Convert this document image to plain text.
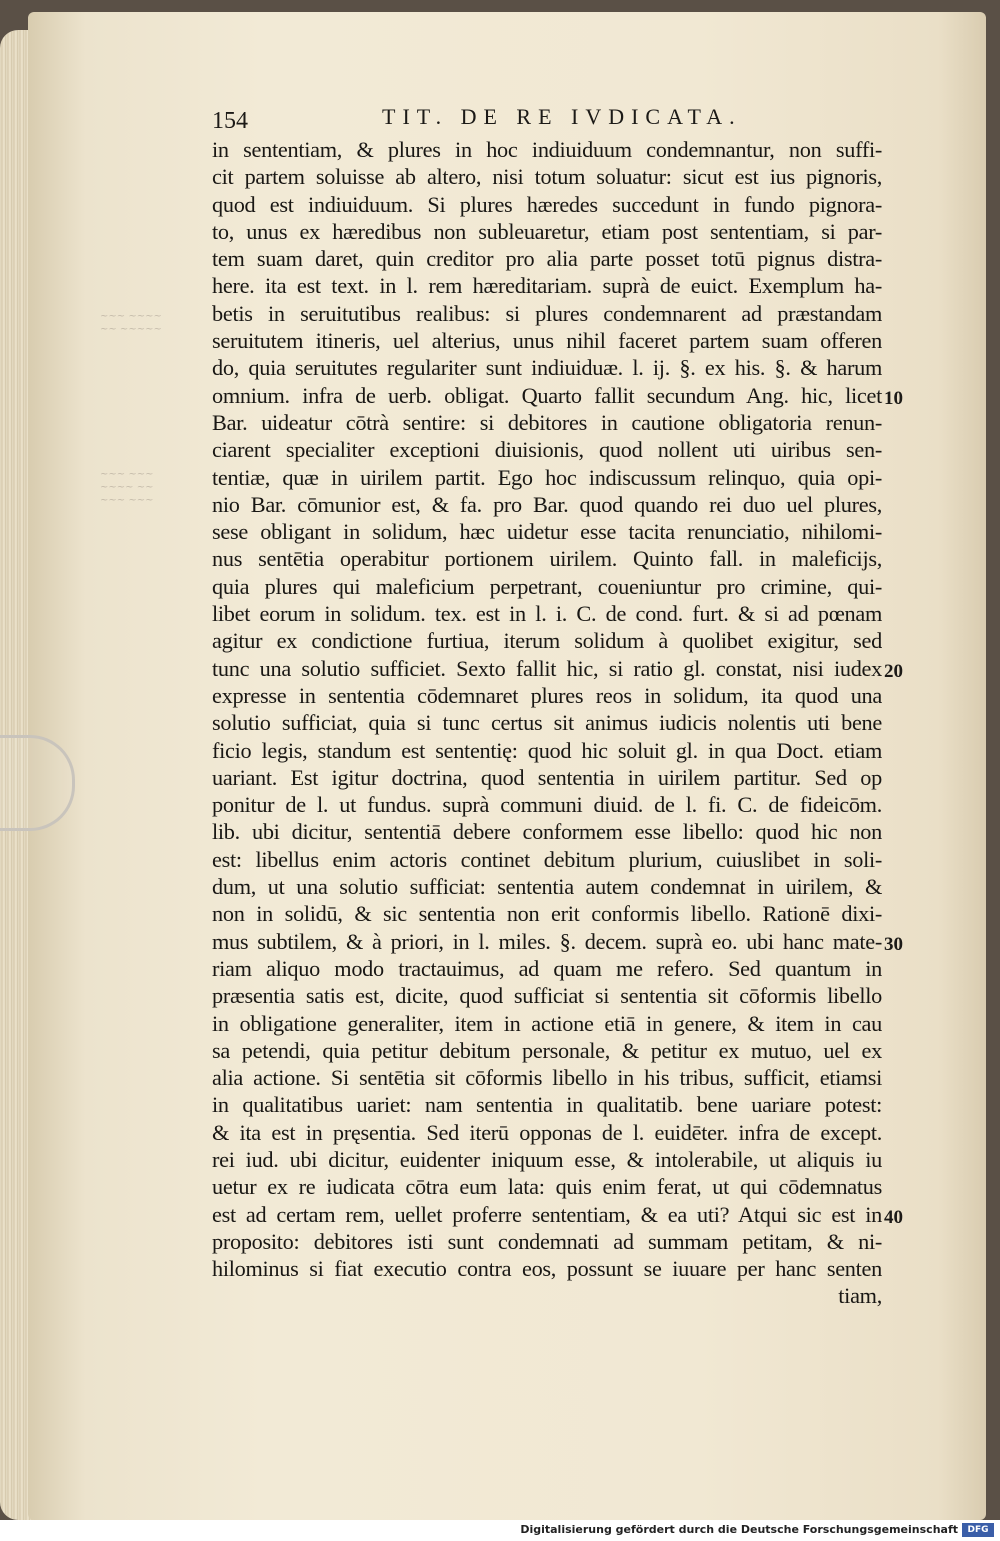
~~~ ~~~~
~~ ~~~~~
~~~ ~~~
~~~~ ~~
~~~ ~~~
154	TIT. DE RE IVDICATA.
in sententiam, & plures in hoc indiuiduum condemnantur, non suffi-
cit partem soluisse ab altero, nisi totum soluatur: sicut est ius pignoris,
quod est indiuiduum. Si plures hæredes succedunt in fundo pignora-
to, unus ex hæredibus non subleuaretur, etiam post sententiam, si par-
tem suam daret, quin creditor pro alia parte posset totū pignus distra-
here. ita est text. in l. rem hæreditariam. suprà de euict. Exemplum ha-
betis in seruitutibus realibus: si plures condemnarent ad præstandam
seruitutem itineris, uel alterius, unus nihil faceret partem suam offeren
do, quia seruitutes regulariter sunt indiuiduæ. l. ij. §. ex his. §. & harum
omnium. infra de uerb. obligat. Quarto fallit secundum Ang. hic, licet
Bar. uideatur cōtrà sentire: si debitores in cautione obligatoria renun-
ciarent specialiter exceptioni diuisionis, quod nollent uti uiribus sen-
tentiæ, quæ in uirilem partit. Ego hoc indiscussum relinquo, quia opi-
nio Bar. cōmunior est, & fa. pro Bar. quod quando rei duo uel plures,
sese obligant in solidum, hæc uidetur esse tacita renunciatio, nihilomi-
nus sentētia operabitur portionem uirilem. Quinto fall. in maleficijs,
quia plures qui maleficium perpetrant, coueniuntur pro crimine, qui-
libet eorum in solidum. tex. est in l. i. C. de cond. furt. & si ad pœnam
agitur ex condictione furtiua, iterum solidum à quolibet exigitur, sed
tunc una solutio sufficiet. Sexto fallit hic, si ratio gl. constat, nisi iudex
expresse in sententia cōdemnaret plures reos in solidum, ita quod una
solutio sufficiat, quia si tunc certus sit animus iudicis nolentis uti bene
ficio legis, standum est sententię: quod hic soluit gl. in qua Doct. etiam
uariant. Est igitur doctrina, quod sententia in uirilem partitur. Sed op
ponitur de l. ut fundus. suprà communi diuid. de l. fi. C. de fideicōm.
lib. ubi dicitur, sententiā debere conformem esse libello: quod hic non
est: libellus enim actoris continet debitum plurium, cuiuslibet in soli-
dum, ut una solutio sufficiat: sententia autem condemnat in uirilem, &
non in solidū, & sic sententia non erit conformis libello. Rationē dixi-
mus subtilem, & à priori, in l. miles. §. decem. suprà eo. ubi hanc mate-
riam aliquo modo tractauimus, ad quam me refero. Sed quantum in
præsentia satis est, dicite, quod sufficiat si sententia sit cōformis libello
in obligatione generaliter, item in actione etiā in genere, & item in cau
sa petendi, quia petitur debitum personale, & petitur ex mutuo, uel ex
alia actione. Si sentētia sit cōformis libello in his tribus, sufficit, etiamsi
in qualitatibus uariet: nam sententia in qualitatib. bene uariare potest:
& ita est in pręsentia. Sed iterū opponas de l. euidēter. infra de except.
rei iud. ubi dicitur, euidenter iniquum esse, & intolerabile, ut aliquis iu
uetur ex re iudicata cōtra eum lata: quis enim ferat, ut qui cōdemnatus
est ad certam rem, uellet proferre sententiam, & ea uti? Atqui sic est in
proposito: debitores isti sunt condemnati ad summam petitam, & ni-
hilominus si fiat executio contra eos, possunt se iuuare per hanc senten
tiam,
10
20
30
40
Digitalisierung gefördert durch die Deutsche Forschungsgemeinschaft	DFG
